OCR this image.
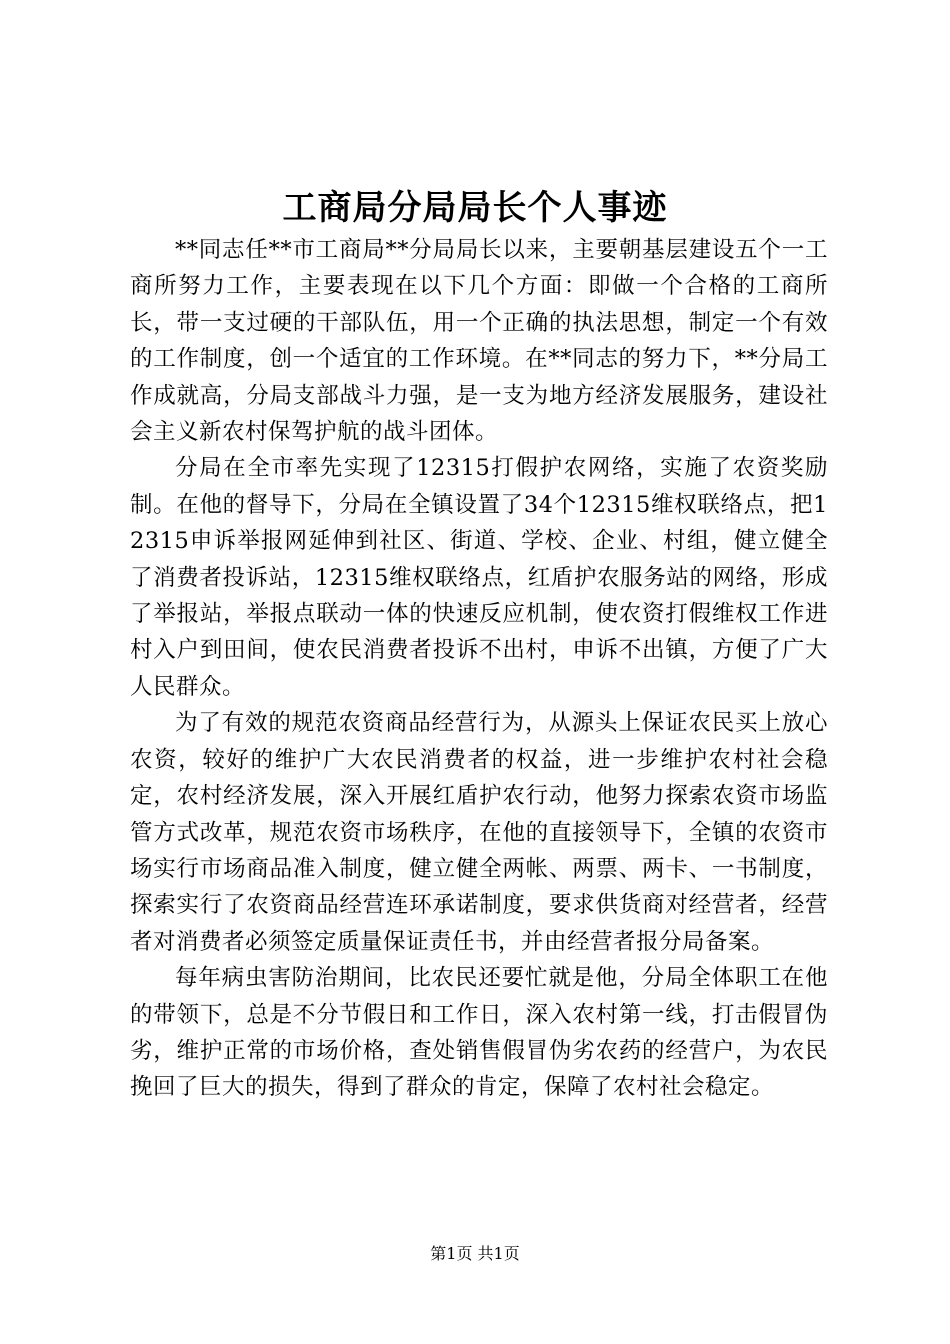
工商局分局局长个人事迹

**同志任**市工商局**分局局长以来，主要朝基层建设五个一工商所努力工作，主要表现在以下几个方面：即做一个合格的工商所长，带一支过硬的干部队伍，用一个正确的执法思想，制定一个有效的工作制度，创一个适宜的工作环境。在**同志的努力下，**分局工作成就高，分局支部战斗力强，是一支为地方经济发展服务，建设社会主义新农村保驾护航的战斗团体。

分局在全市率先实现了12315打假护农网络，实施了农资奖励制。在他的督导下，分局在全镇设置了34个12315维权联络点，把12315申诉举报网延伸到社区、街道、学校、企业、村组，健立健全了消费者投诉站，12315维权联络点，红盾护农服务站的网络，形成了举报站，举报点联动一体的快速反应机制，使农资打假维权工作进村入户到田间，使农民消费者投诉不出村，申诉不出镇，方便了广大人民群众。

为了有效的规范农资商品经营行为，从源头上保证农民买上放心农资，较好的维护广大农民消费者的权益，进一步维护农村社会稳定，农村经济发展，深入开展红盾护农行动，他努力探索农资市场监管方式改革，规范农资市场秩序，在他的直接领导下，全镇的农资市场实行市场商品准入制度，健立健全两帐、两票、两卡、一书制度，探索实行了农资商品经营连环承诺制度，要求供货商对经营者，经营者对消费者必须签定质量保证责任书，并由经营者报分局备案。

每年病虫害防治期间，比农民还要忙就是他，分局全体职工在他的带领下，总是不分节假日和工作日，深入农村第一线，打击假冒伪劣，维护正常的市场价格，查处销售假冒伪劣农药的经营户，为农民挽回了巨大的损失，得到了群众的肯定，保障了农村社会稳定。

第1页 共1页
